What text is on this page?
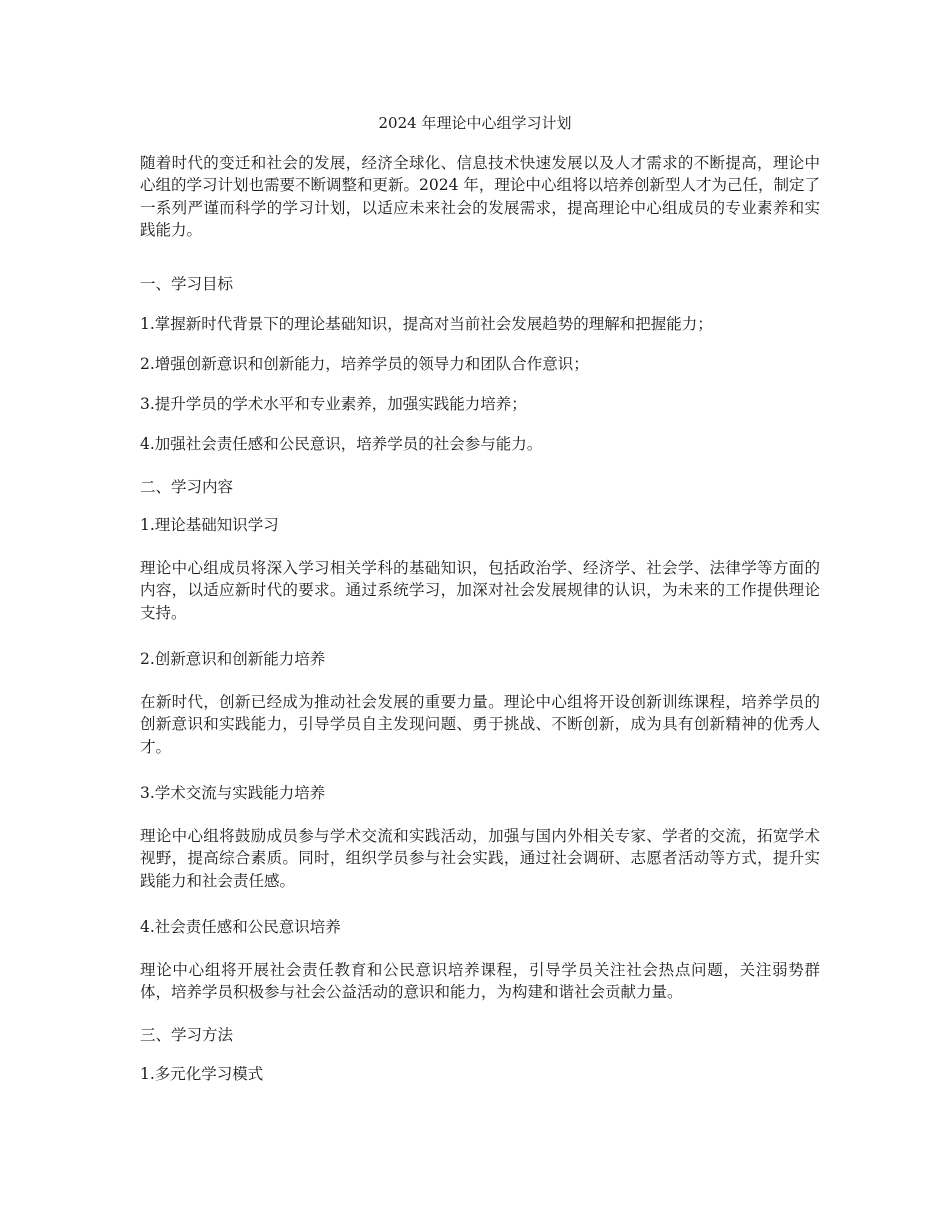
2024 年理论中心组学习计划
随着时代的变迁和社会的发展，经济全球化、信息技术快速发展以及人才需求的不断提高，理论中心组的学习计划也需要不断调整和更新。2024 年，理论中心组将以培养创新型人才为己任，制定了一系列严谨而科学的学习计划，以适应未来社会的发展需求，提高理论中心组成员的专业素养和实践能力。
一、学习目标
1.掌握新时代背景下的理论基础知识，提高对当前社会发展趋势的理解和把握能力；
2.增强创新意识和创新能力，培养学员的领导力和团队合作意识；
3.提升学员的学术水平和专业素养，加强实践能力培养；
4.加强社会责任感和公民意识，培养学员的社会参与能力。
二、学习内容
1.理论基础知识学习
理论中心组成员将深入学习相关学科的基础知识，包括政治学、经济学、社会学、法律学等方面的内容，以适应新时代的要求。通过系统学习，加深对社会发展规律的认识，为未来的工作提供理论支持。
2.创新意识和创新能力培养
在新时代，创新已经成为推动社会发展的重要力量。理论中心组将开设创新训练课程，培养学员的创新意识和实践能力，引导学员自主发现问题、勇于挑战、不断创新，成为具有创新精神的优秀人才。
3.学术交流与实践能力培养
理论中心组将鼓励成员参与学术交流和实践活动，加强与国内外相关专家、学者的交流，拓宽学术视野，提高综合素质。同时，组织学员参与社会实践，通过社会调研、志愿者活动等方式，提升实践能力和社会责任感。
4.社会责任感和公民意识培养
理论中心组将开展社会责任教育和公民意识培养课程，引导学员关注社会热点问题，关注弱势群体，培养学员积极参与社会公益活动的意识和能力，为构建和谐社会贡献力量。
三、学习方法
1.多元化学习模式
